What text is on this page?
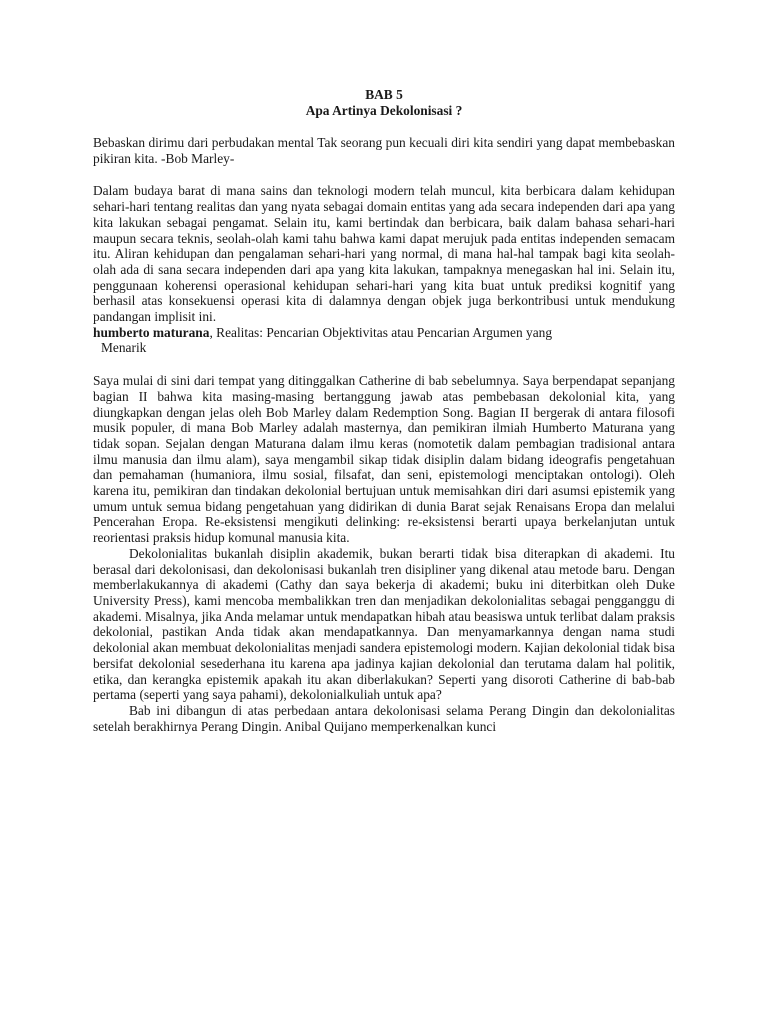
BAB 5
Apa Artinya Dekolonisasi ?

Bebaskan dirimu dari perbudakan mental Tak seorang pun kecuali diri kita sendiri yang dapat membebaskan pikiran kita. -Bob Marley-

Dalam budaya barat di mana sains dan teknologi modern telah muncul, kita berbicara dalam kehidupan sehari-hari tentang realitas dan yang nyata sebagai domain entitas yang ada secara independen dari apa yang kita lakukan sebagai pengamat. Selain itu, kami bertindak dan berbicara, baik dalam bahasa sehari-hari maupun secara teknis, seolah-olah kami tahu bahwa kami dapat merujuk pada entitas independen semacam itu. Aliran kehidupan dan pengalaman sehari-hari yang normal, di mana hal-hal tampak bagi kita seolah-olah ada di sana secara independen dari apa yang kita lakukan, tampaknya menegaskan hal ini. Selain itu, penggunaan koherensi operasional kehidupan sehari-hari yang kita buat untuk prediksi kognitif yang berhasil atas konsekuensi operasi kita di dalamnya dengan objek juga berkontribusi untuk mendukung pandangan implisit ini.

humberto maturana, Realitas: Pencarian Objektivitas atau Pencarian Argumen yang
Menarik

Saya mulai di sini dari tempat yang ditinggalkan Catherine di bab sebelumnya. Saya berpendapat sepanjang bagian II bahwa kita masing-masing bertanggung jawab atas pembebasan dekolonial kita, yang diungkapkan dengan jelas oleh Bob Marley dalam Redemption Song. Bagian II bergerak di antara filosofi musik populer, di mana Bob Marley adalah masternya, dan pemikiran ilmiah Humberto Maturana yang tidak sopan. Sejalan dengan Maturana dalam ilmu keras (nomotetik dalam pembagian tradisional antara ilmu manusia dan ilmu alam), saya mengambil sikap tidak disiplin dalam bidang ideografis pengetahuan dan pemahaman (humaniora, ilmu sosial, filsafat, dan seni, epistemologi menciptakan ontologi). Oleh karena itu, pemikiran dan tindakan dekolonial bertujuan untuk memisahkan diri dari asumsi epistemik yang umum untuk semua bidang pengetahuan yang didirikan di dunia Barat sejak Renaisans Eropa dan melalui Pencerahan Eropa. Re-eksistensi mengikuti delinking: re-eksistensi berarti upaya berkelanjutan untuk reorientasi praksis hidup komunal manusia kita.

Dekolonialitas bukanlah disiplin akademik, bukan berarti tidak bisa diterapkan di akademi. Itu berasal dari dekolonisasi, dan dekolonisasi bukanlah tren disipliner yang dikenal atau metode baru. Dengan memberlakukannya di akademi (Cathy dan saya bekerja di akademi; buku ini diterbitkan oleh Duke University Press), kami mencoba membalikkan tren dan menjadikan dekolonialitas sebagai pengganggu di akademi. Misalnya, jika Anda melamar untuk mendapatkan hibah atau beasiswa untuk terlibat dalam praksis dekolonial, pastikan Anda tidak akan mendapatkannya. Dan menyamarkannya dengan nama studi dekolonial akan membuat dekolonialitas menjadi sandera epistemologi modern. Kajian dekolonial tidak bisa bersifat dekolonial sesederhana itu karena apa jadinya kajian dekolonial dan terutama dalam hal politik, etika, dan kerangka epistemik apakah itu akan diberlakukan? Seperti yang disoroti Catherine di bab-bab pertama (seperti yang saya pahami), dekolonialkuliah untuk apa?

Bab ini dibangun di atas perbedaan antara dekolonisasi selama Perang Dingin dan dekolonialitas setelah berakhirnya Perang Dingin. Anibal Quijano memperkenalkan kunci
